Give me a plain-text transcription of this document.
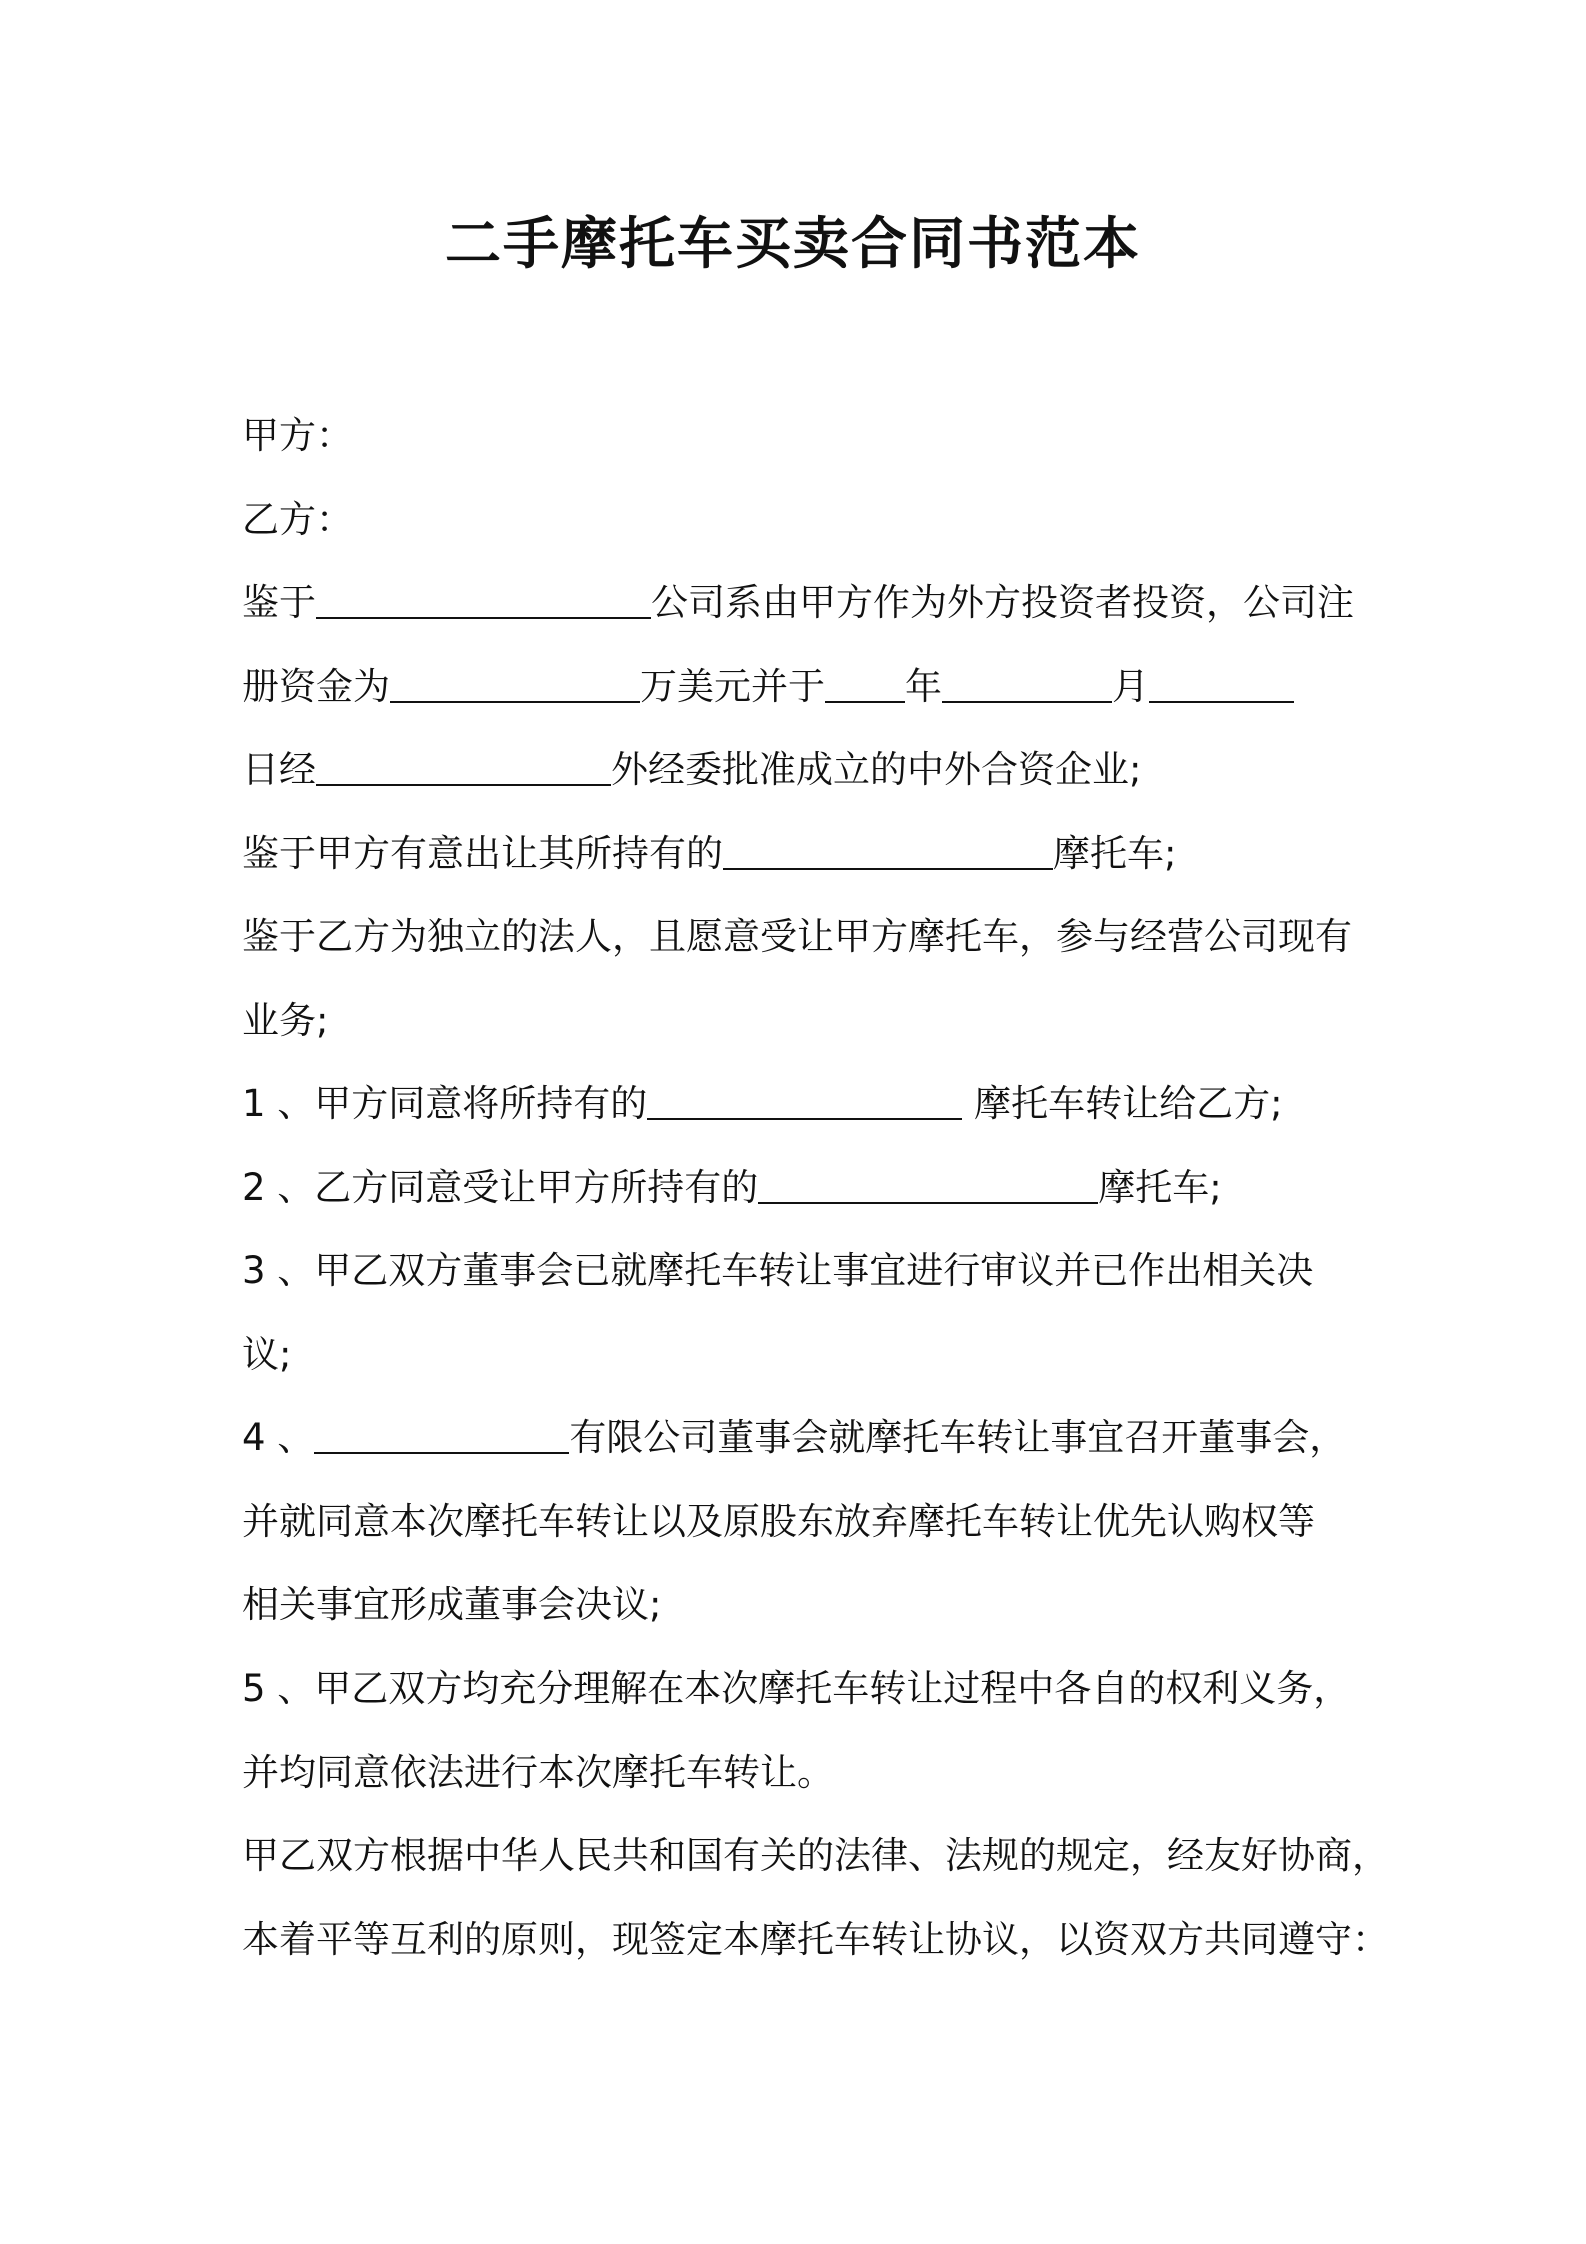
二手摩托车买卖合同书范本

甲方：

乙方：

鉴于	公司系由甲方作为外方投资者投资，公司注

册资金为	万美元并于 年	月

日经	外经委批准成立的中外合资企业;

鉴于甲方有意出让其所持有的	摩托车;

鉴于乙方为独立的法人，且愿意受让甲方摩托车，参与经营公司现有

业务;

1 、甲方同意将所持有的	摩托车转让给乙方;

2 、乙方同意受让甲方所持有的	摩托车;

3 、甲乙双方董事会已就摩托车转让事宜进行审议并已作出相关决

议;

4 、	有限公司董事会就摩托车转让事宜召开董事会，

并就同意本次摩托车转让以及原股东放弃摩托车转让优先认购权等

相关事宜形成董事会决议;

5 、甲乙双方均充分理解在本次摩托车转让过程中各自的权利义务，

并均同意依法进行本次摩托车转让。

甲乙双方根据中华人民共和国有关的法律、法规的规定，经友好协商，

本着平等互利的原则，现签定本摩托车转让协议，以资双方共同遵守：
